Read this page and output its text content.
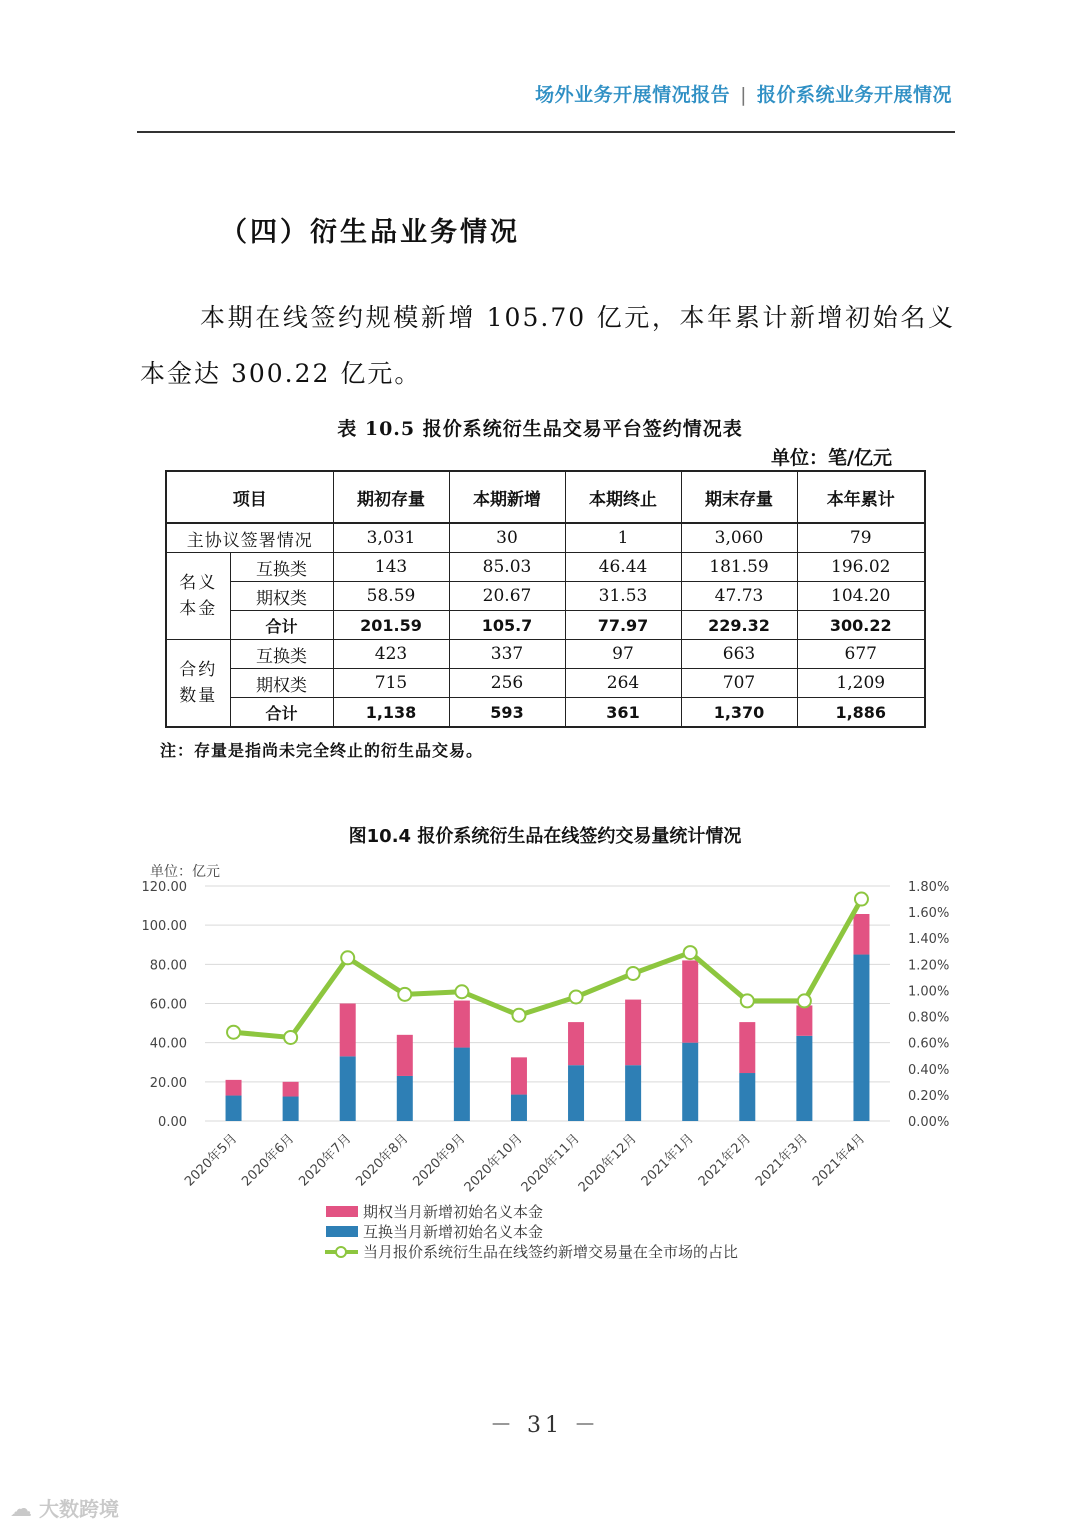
场外业务开展情况报告 | 报价系统业务开展情况
（四）衍生品业务情况
本期在线签约规模新增 105.70 亿元，本年累计新增初始名义本金达 300.22 亿元。
表 10.5 报价系统衍生品交易平台签约情况表
单位：笔/亿元
项目		期初存量	本期新增	本期终止	期末存量	本年累计
主协议签署情况		3,031	30	1	3,060	79
名义本金	互换类	143	85.03	46.44	181.59	196.02
	期权类	58.59	20.67	31.53	47.73	104.20
	合计	201.59	105.7	77.97	229.32	300.22
合约数量	互换类	423	337	97	663	677
	期权类	715	256	264	707	1,209
	合计	1,138	593	361	1,370	1,886
注：存量是指尚未完全终止的衍生品交易。
图10.4 报价系统衍生品在线签约交易量统计情况
单位：亿元
0.00
20.00
40.00
60.00
80.00
100.00
120.00
0.00%
0.20%
0.40%
0.60%
0.80%
1.00%
1.20%
1.40%
1.60%
1.80%
2020年5月
2020年6月
2020年7月
2020年8月
2020年9月
2020年10月
2020年11月
2020年12月
2021年1月
2021年2月
2021年3月
2021年4月
期权当月新增初始名义本金
互换当月新增初始名义本金
当月报价系统衍生品在线签约新增交易量在全市场的占比
－ 31 －
☁ 大数跨境
